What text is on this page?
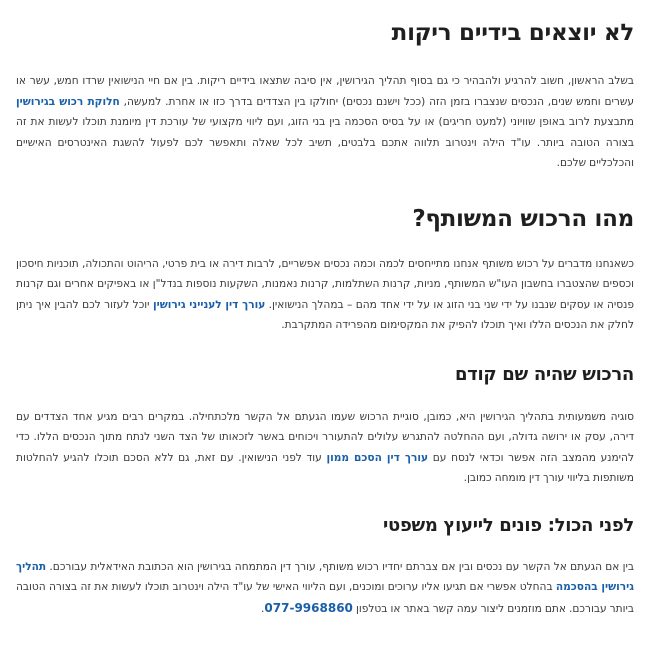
לא יוצאים בידיים ריקות

בשלב הראשון, חשוב להרגיע ולהבהיר כי גם בסוף תהליך הגירושין, אין סיבה שתצאו בידיים ריקות. בין אם חיי הנישואין שרדו חמש, עשר או עשרים וחמש שנים, הנכסים שנצברו בזמן הזה (ככל וישנם נכסים) יחולקו בין הצדדים בדרך כזו או אחרת. למעשה, חלוקת רכוש בגירושין מתבצעת לרוב באופן שוויוני (למעט חריגים) או על בסיס הסכמה בין בני הזוג, ועם ליווי מקצועי של עורכת דין מיומנת תוכלו לעשות את זה בצורה הטובה ביותר. עו"ד הילה וינטרוב תלווה אתכם בלבטים, תשיב לכל שאלה ותאפשר לכם לפעול להשגת האינטרסים האישיים והכלכליים שלכם.

מהו הרכוש המשותף?

כשאנחנו מדברים על רכוש משותף אנחנו מתייחסים לכמה וכמה נכסים אפשריים, לרבות דירה או בית פרטי, הריהוט והתכולה, תוכניות חיסכון וכספים שהצטברו בחשבון העו"ש המשותף, מניות, קרנות השתלמות, קרנות נאמנות, השקעות נוספות בנדל"ן או באפיקים אחרים וגם קרנות פנסיה או עסקים שנבנו על ידי שני בני הזוג או על ידי אחד מהם – במהלך הנישואין. עורך דין לענייני גירושין יוכל לעזור לכם להבין איך ניתן לחלק את הנכסים הללו ואיך תוכלו להפיק את המקסימום מהפרידה המתקרבת.

הרכוש שהיה שם קודם

סוגיה משמעותית בתהליך הגירושין היא, כמובן, סוגיית הרכוש שעמו הגעתם אל הקשר מלכתחילה. במקרים רבים מגיע אחד הצדדים עם דירה, עסק או ירושה גדולה, ועם ההחלטה להתגרש עלולים להתעורר ויכוחים באשר לזכאותו של הצד השני לנתח מתוך הנכסים הללו. כדי להימנע מהמצב הזה אפשר וכדאי לנסח עם עורך דין הסכם ממון עוד לפני הנישואין. עם זאת, גם ללא הסכם תוכלו להגיע להחלטות משותפות בליווי עורך דין מומחה כמובן.

לפני הכול: פונים לייעוץ משפטי

בין אם הגעתם אל הקשר עם נכסים ובין אם צברתם יחדיו רכוש משותף, עורך דין המתמחה בגירושין הוא הכתובת האידאלית עבורכם. תהליך גירושין בהסכמה בהחלט אפשרי אם תגיעו אליו ערוכים ומוכנים, ועם הליווי האישי של עו"ד הילה וינטרוב תוכלו לעשות את זה בצורה הטובה ביותר עבורכם. אתם מוזמנים ליצור עמה קשר באתר או בטלפון 077-9968860.
